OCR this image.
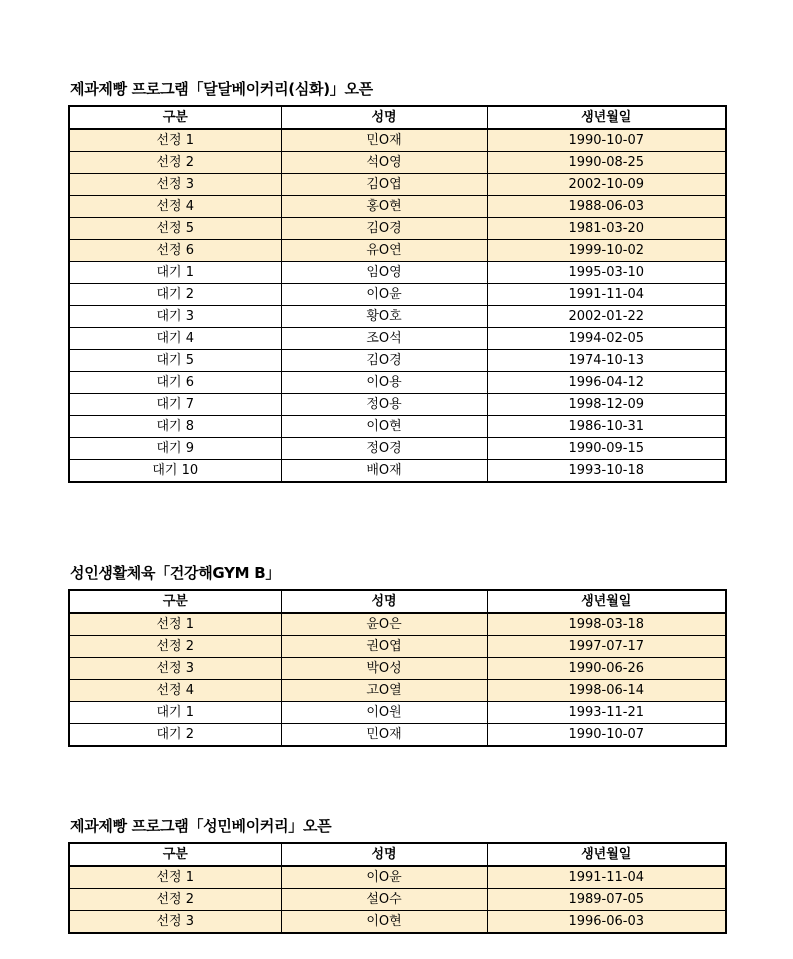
제과제빵 프로그램「달달베이커리(심화)」오픈
구분	성명	생년월일
선정 1	민O재	1990-10-07
선정 2	석O영	1990-08-25
선정 3	김O엽	2002-10-09
선정 4	홍O현	1988-06-03
선정 5	김O경	1981-03-20
선정 6	유O연	1999-10-02
대기 1	임O영	1995-03-10
대기 2	이O윤	1991-11-04
대기 3	황O호	2002-01-22
대기 4	조O석	1994-02-05
대기 5	김O경	1974-10-13
대기 6	이O용	1996-04-12
대기 7	정O용	1998-12-09
대기 8	이O현	1986-10-31
대기 9	정O경	1990-09-15
대기 10	배O재	1993-10-18
성인생활체육「건강해GYM B」
구분	성명	생년월일
선정 1	윤O은	1998-03-18
선정 2	권O엽	1997-07-17
선정 3	박O성	1990-06-26
선정 4	고O열	1998-06-14
대기 1	이O원	1993-11-21
대기 2	민O재	1990-10-07
제과제빵 프로그램「성민베이커리」오픈
구분	성명	생년월일
선정 1	이O윤	1991-11-04
선정 2	설O수	1989-07-05
선정 3	이O현	1996-06-03
